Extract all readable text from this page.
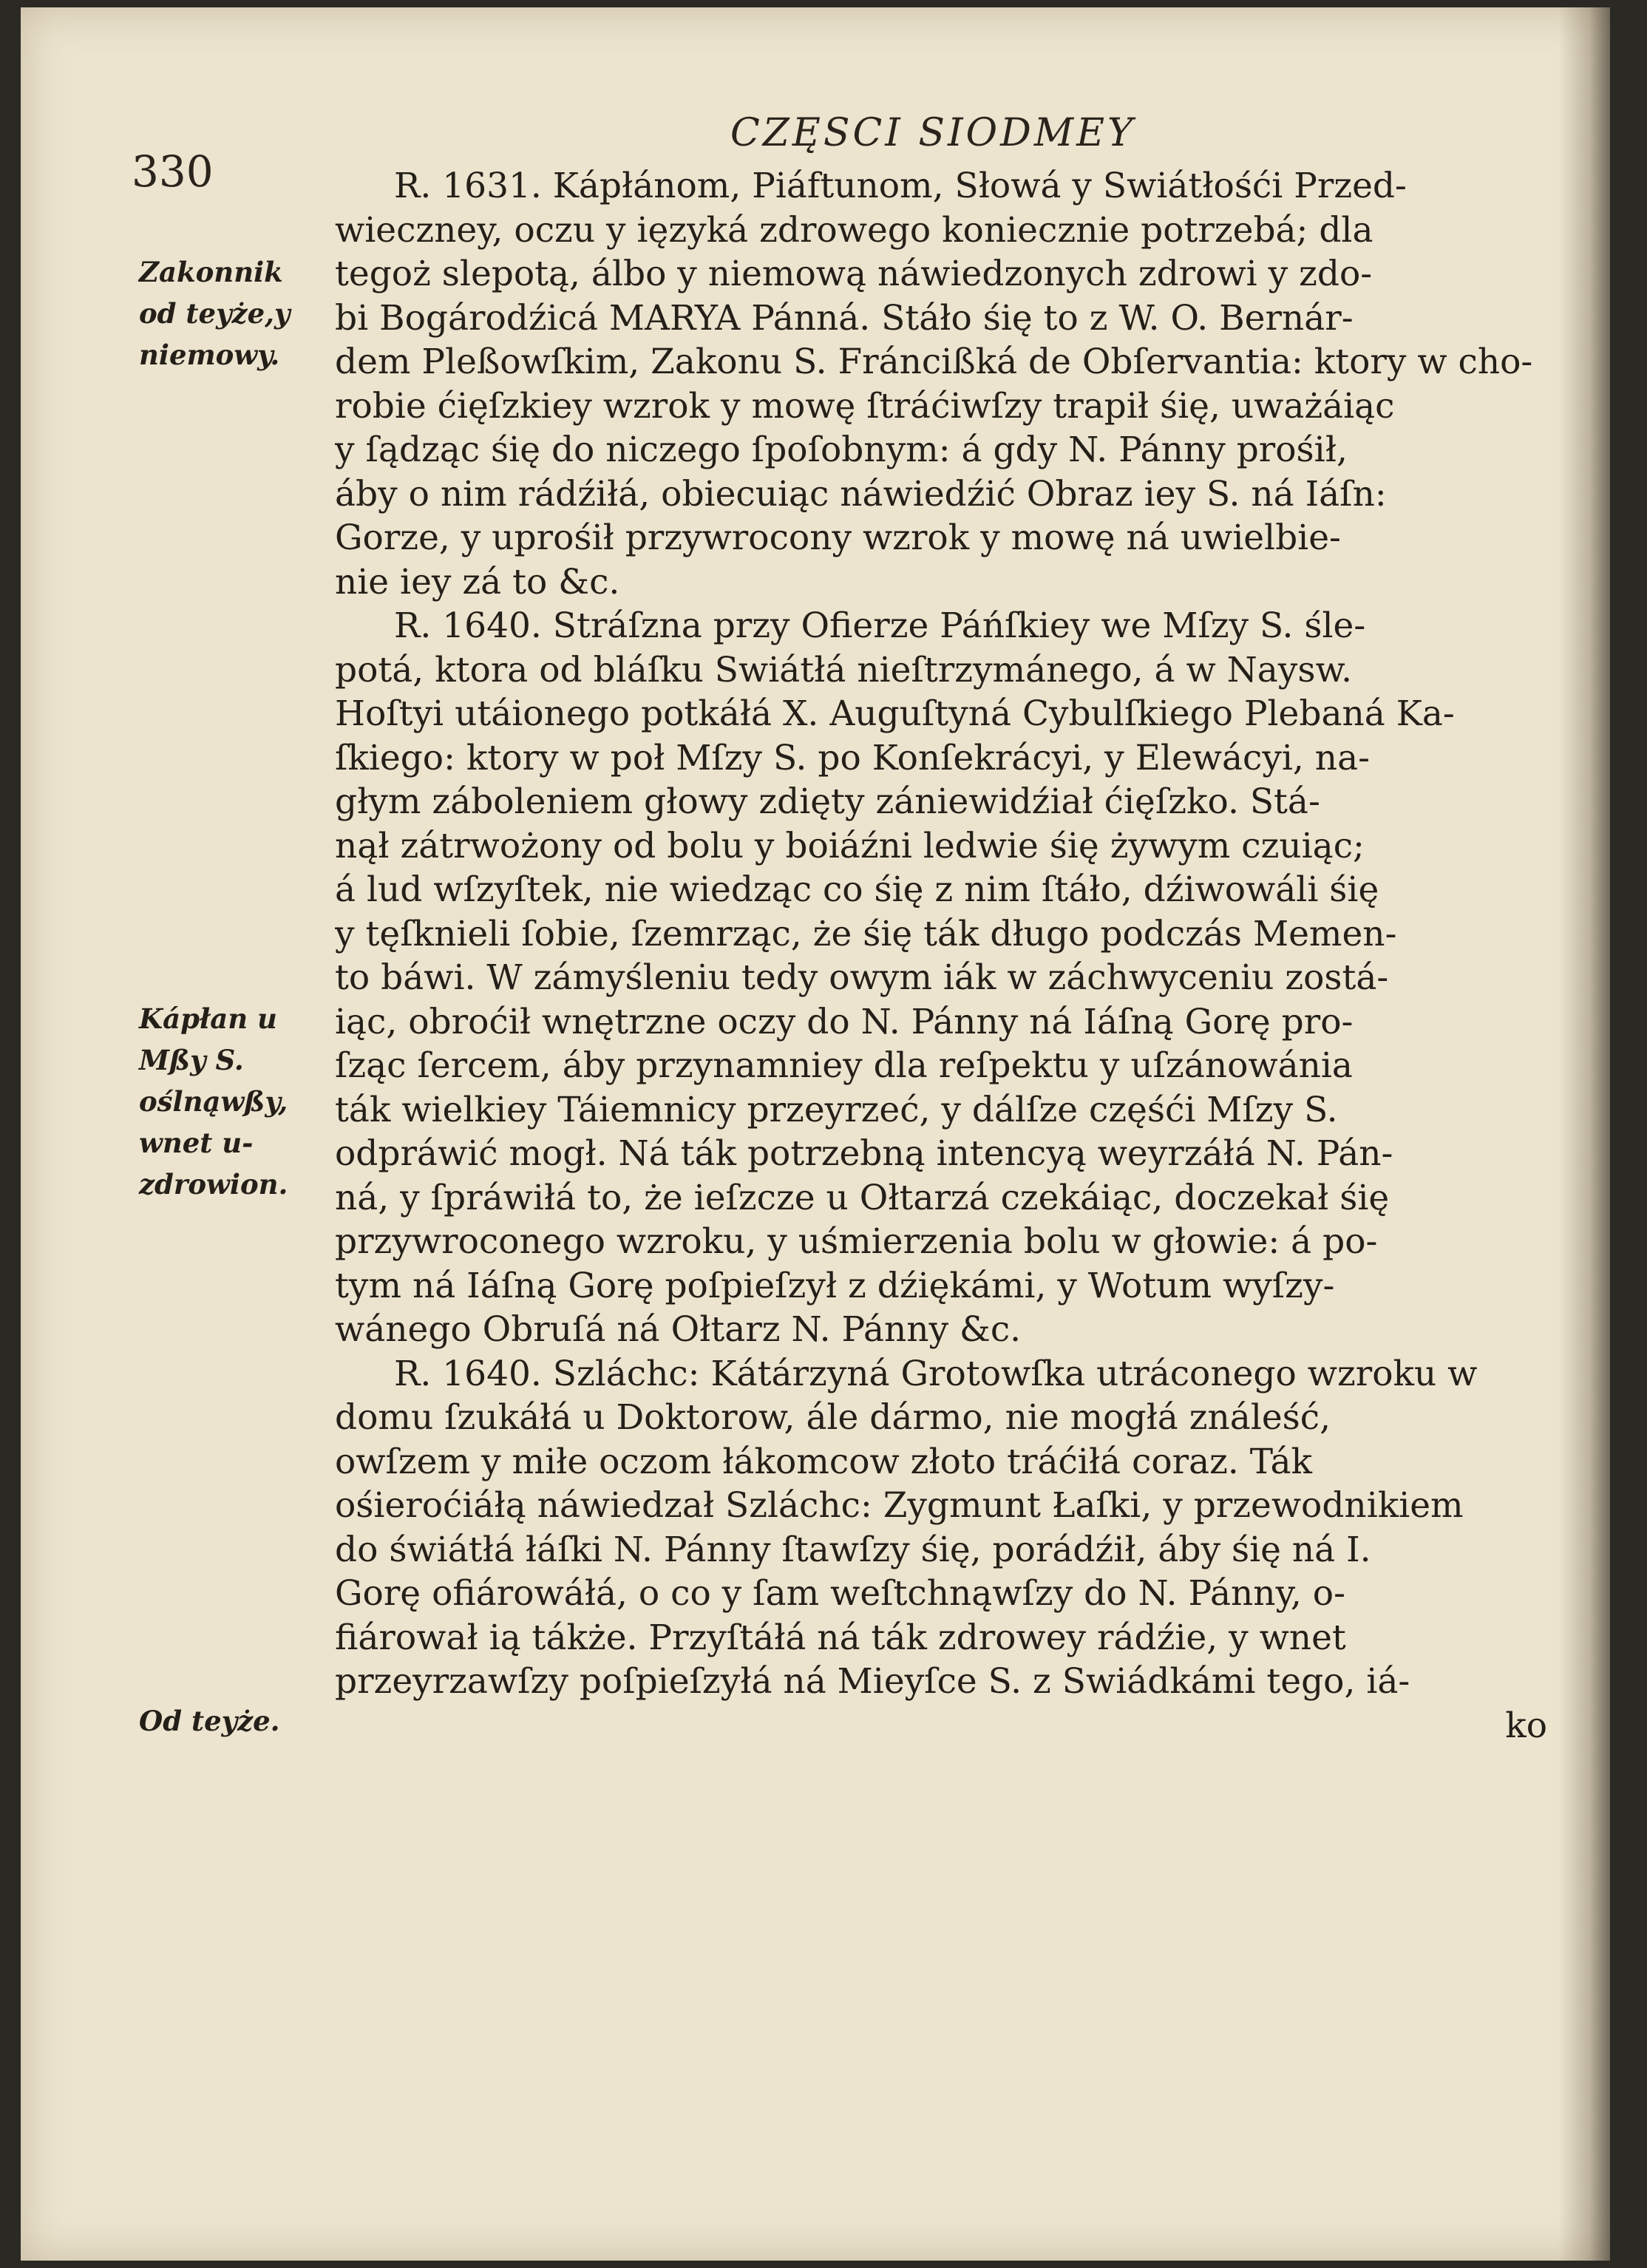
330
CZĘSCI SIODMEY
Zakonnik
od teyże,y
niemowy.
Kápłan u
Mßy S.
oślnąwßy,
wnet u-
zdrowion.
Od teyże.
R. 1631. Kápłánom, Piáftunom, Słowá y Swiátłośći Przed-
wieczney, oczu y ięzyká zdrowego koniecznie potrzebá; dla
tegoż slepotą, álbo y niemową náwiedzonych zdrowi y zdo-
bi Bogárodźicá MARYA Pánná. Stáło śię to z W. O. Bernár-
dem Pleßowſkim, Zakonu S. Fráncißká de Obſervantia: ktory w cho-
robie ćięſzkiey wzrok y mowę ſtráćiwſzy trapił śię, uważáiąc
y ſądząc śię do niczego ſpoſobnym: á gdy N. Pánny prośił,
áby o nim rádźiłá, obiecuiąc náwiedźić Obraz iey S. ná Iáſn:
Gorze, y uprośił przywrocony wzrok y mowę ná uwielbie-
nie iey zá to &c.
R. 1640. Stráſzna przy Ofierze Páńſkiey we Mſzy S. śle-
potá, ktora od bláſku Swiátłá nieſtrzymánego, á w Naysw.
Hoſtyi utáionego potkáłá X. Auguſtyná Cybulſkiego Plebaná Ka-
ſkiego: ktory w poł Mſzy S. po Konſekrácyi, y Elewácyi, na-
głym záboleniem głowy zdięty zániewidźiał ćięſzko. Stá-
nął zátrwożony od bolu y boiáźni ledwie śię żywym czuiąc;
á lud wſzyſtek, nie wiedząc co śię z nim ſtáło, dźiwowáli śię
y tęſknieli ſobie, ſzemrząc, że śię ták długo podczás Memen-
to báwi. W zámyśleniu tedy owym iák w záchwyceniu zostá-
iąc, obroćił wnętrzne oczy do N. Pánny ná Iáſną Gorę pro-
ſząc ſercem, áby przynamniey dla reſpektu y uſzánowánia
ták wielkiey Táiemnicy przeyrzeć, y dálſze częśći Mſzy S.
odpráwić mogł. Ná ták potrzebną intencyą weyrzáłá N. Pán-
ná, y ſpráwiłá to, że ieſzcze u Ołtarzá czekáiąc, doczekał śię
przywroconego wzroku, y uśmierzenia bolu w głowie: á po-
tym ná Iáſną Gorę poſpieſzył z dźiękámi, y Wotum wyſzy-
wánego Obruſá ná Ołtarz N. Pánny &c.
R. 1640. Szláchc: Kátárzyná Grotowſka utráconego wzroku w
domu ſzukáłá u Doktorow, ále dármo, nie mogłá ználeść,
owſzem y miłe oczom łákomcow złoto tráćiłá coraz. Ták
ośierоćiáłą náwiedzał Szláchc: Zygmunt Łaſki, y przewodnikiem
do świátłá łáſki N. Pánny ſtawſzy śię, porádźił, áby śię ná I.
Gorę ofiárowáłá, o co y ſam weſtchnąwſzy do N. Pánny, o-
fiárował ią tákże. Przyſtáłá ná ták zdrowey rádźie, y wnet
przeyrzawſzy poſpieſzyłá ná Mieyſce S. z Swiádkámi tego, iá-
ko
